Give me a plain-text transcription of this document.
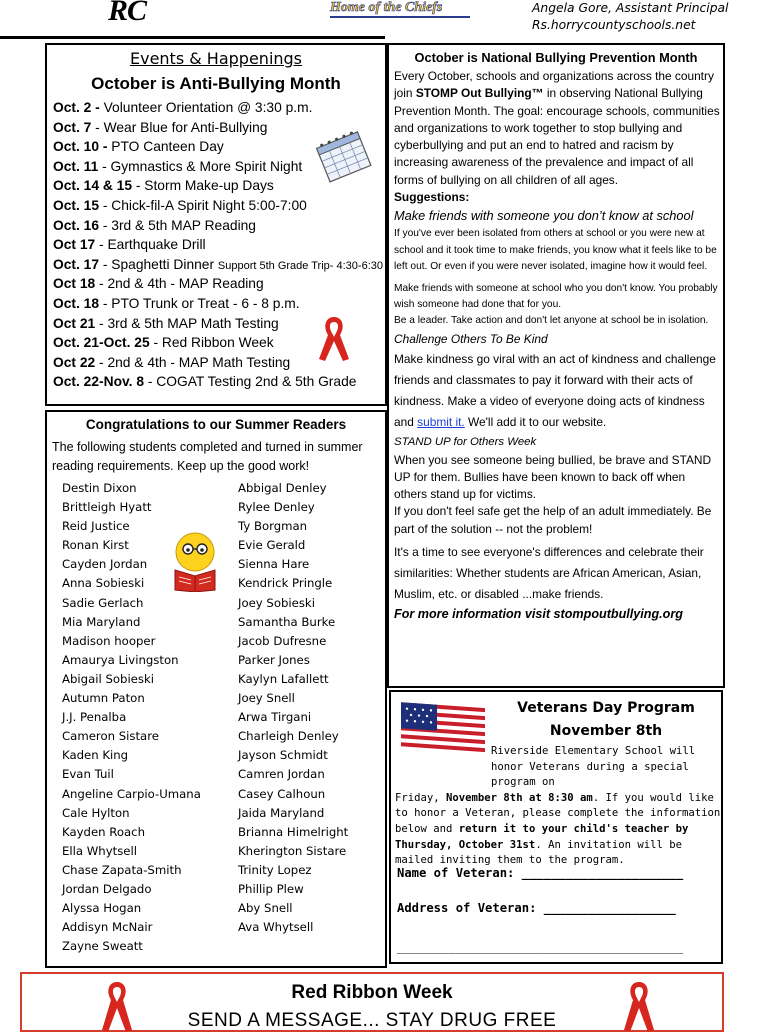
RC	Home of the Chiefs	Angela Gore, Assistant Principal
Rs.horrycountyschools.net
Events & Happenings
October is Anti-Bullying Month
Oct. 2 - Volunteer Orientation @ 3:30 p.m.
Oct. 7 - Wear Blue for Anti-Bullying
Oct. 10 - PTO Canteen Day
Oct. 11 - Gymnastics & More Spirit Night
Oct. 14 & 15 - Storm Make-up Days
Oct. 15 - Chick-fil-A Spirit Night 5:00-7:00
Oct. 16 - 3rd & 5th MAP Reading
Oct 17 - Earthquake Drill
Oct. 17 - Spaghetti Dinner Support 5th Grade Trip- 4:30-6:30
Oct 18 - 2nd & 4th - MAP Reading
Oct. 18 - PTO Trunk or Treat - 6 - 8 p.m.
Oct 21 - 3rd & 5th MAP Math Testing
Oct. 21-Oct. 25 - Red Ribbon Week
Oct 22 - 2nd & 4th - MAP Math Testing
Oct. 22-Nov. 8 - COGAT Testing 2nd & 5th Grade
Congratulations to our Summer Readers
The following students completed and turned in summer reading requirements. Keep up the good work!
Destin Dixon
Brittleigh Hyatt
Reid Justice
Ronan Kirst
Cayden Jordan
Anna Sobieski
Sadie Gerlach
Mia Maryland
Madison hooper
Amaurya Livingston
Abigail Sobieski
Autumn Paton
J.J. Penalba
Cameron Sistare
Kaden King
Evan Tuil
Angeline Carpio-Umana
Cale Hylton
Kayden Roach
Ella Whytsell
Chase Zapata-Smith
Jordan Delgado
Alyssa Hogan
Addisyn McNair
Zayne Sweatt
Abbigal Denley
Rylee Denley
Ty Borgman
Evie Gerald
Sienna Hare
Kendrick Pringle
Joey Sobieski
Samantha Burke
Jacob Dufresne
Parker Jones
Kaylyn Lafallett
Joey Snell
Arwa Tirgani
Charleigh Denley
Jayson Schmidt
Camren Jordan
Casey Calhoun
Jaida Maryland
Brianna Himelright
Kherington Sistare
Trinity Lopez
Phillip Plew
Aby Snell
Ava Whytsell
October is National Bullying Prevention Month

Every October, schools and organizations across the country join STOMP Out Bullying™ in observing National Bullying Prevention Month. The goal: encourage schools, communities and organizations to work together to stop bullying and cyberbullying and put an end to hatred and racism by increasing awareness of the prevalence and impact of all forms of bullying on all children of all ages.

Suggestions:

Make friends with someone you don’t know at school

If you've ever been isolated from others at school or you were new at school and it took time to make friends, you know what it feels like to be left out. Or even if you were never isolated, imagine how it would feel.

Make friends with someone at school who you don't know. You probably wish someone had done that for you.

Be a leader. Take action and don't let anyone at school be in isolation.

Challenge Others To Be Kind

Make kindness go viral with an act of kindness and challenge friends and classmates to pay it forward with their acts of kindness. Make a video of everyone doing acts of kindness and submit it. We'll add it to our website.

STAND UP for Others Week

When you see someone being bullied, be brave and STAND UP for them. Bullies have been known to back off when others stand up for victims.

If you don't feel safe get the help of an adult immediately. Be part of the solution -- not the problem!

It's a time to see everyone's differences and celebrate their similarities: Whether students are African American, Asian, Muslim, etc. or disabled ...make friends.

For more information visit stompoutbullying.org

Veterans Day Program
November 8th
Riverside Elementary School will honor Veterans during a special program on
Friday, November 8th at 8:30 am. If you would like to honor a Veteran, please complete the information below and return it to your child's teacher by Thursday, October 31st. An invitation will be mailed inviting them to the program.
Name of Veteran: ______________________
Address of Veteran: __________________
_______________________________________
Red Ribbon Week
SEND A MESSAGE... STAY DRUG FREE
